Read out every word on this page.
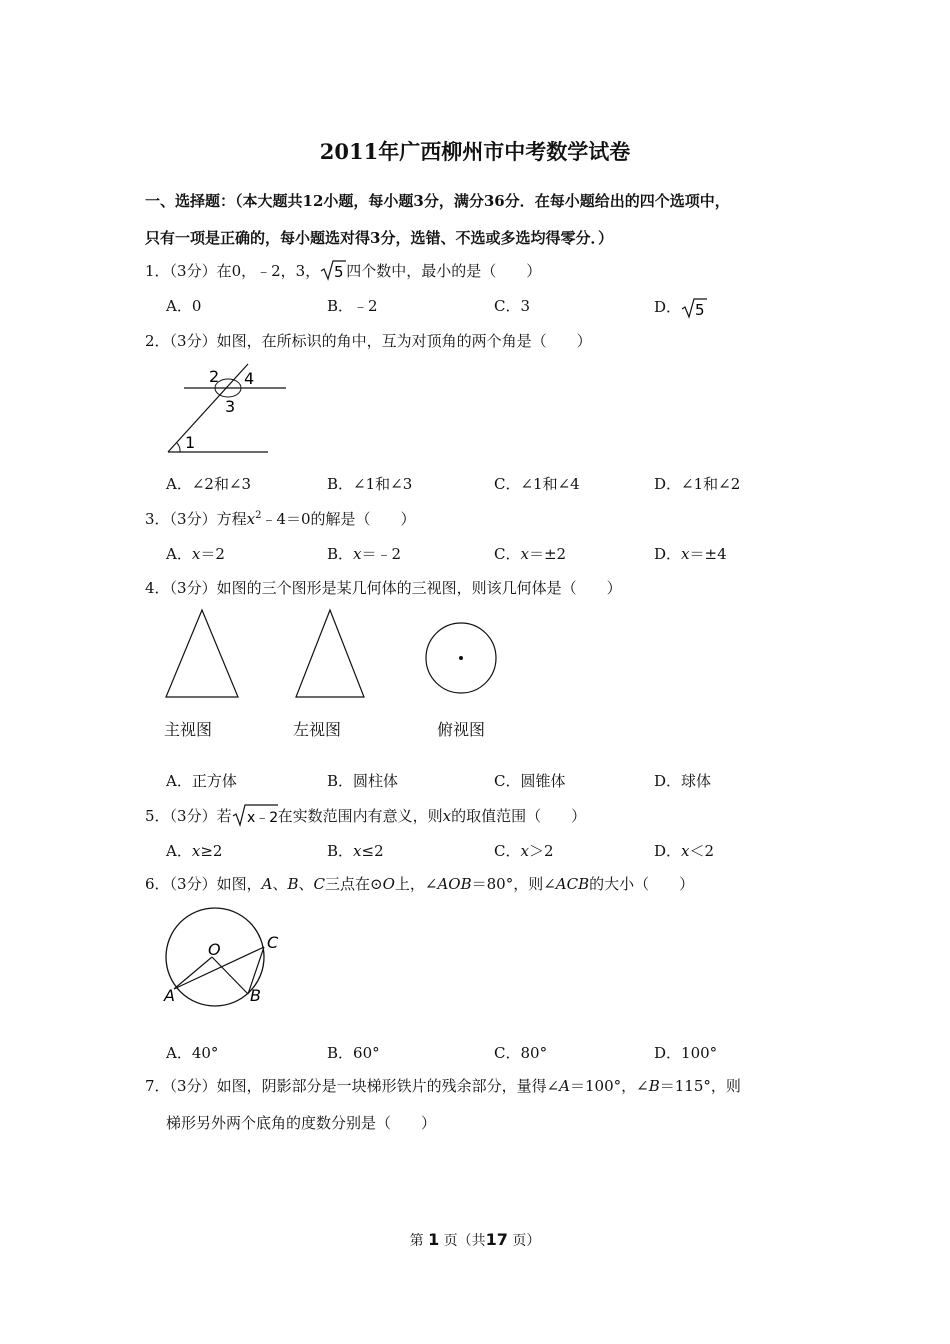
2011年广西柳州市中考数学试卷
一、选择题：（本大题共12小题，每小题3分，满分36分．在每小题给出的四个选项中，
只有一项是正确的，每小题选对得3分，选错、不选或多选均得零分．）
1．（3分）在0，﹣2，3， 5 四个数中，最小的是（　　）
A．0	B．﹣2	C．3	D． 5
2．（3分）如图，在所标识的角中，互为对顶角的两个角是（　　）
2 4
3
1
A．∠2和∠3	B．∠1和∠3	C．∠1和∠4	D．∠1和∠2
3．（3分）方程$x^2﹣4=0$的解是（　　）
A．x＝2	B．x＝﹣2	C．x＝±2	D．x＝±4
4．（3分）如图的三个图形是某几何体的三视图，则该几何体是（　　）
主视图	左视图	俯视图
A．正方体	B．圆柱体	C．圆锥体	D．球体
5．（3分）若 x﹣2 在实数范围内有意义，则x的取值范围（　　）
A．x≥2	B．x≤2	C．x＞2	D．x＜2
6．（3分）如图，A、B、C三点在⊙O上，∠AOB＝80°，则∠ACB的大小（　　）
O	C
A	B
A．40°	B．60°	C．80°	D．100°
7．（3分）如图，阴影部分是一块梯形铁片的残余部分，量得∠A＝100°，∠B＝115°，则
梯形另外两个底角的度数分别是（　　）
第 1 页（共17 页）
